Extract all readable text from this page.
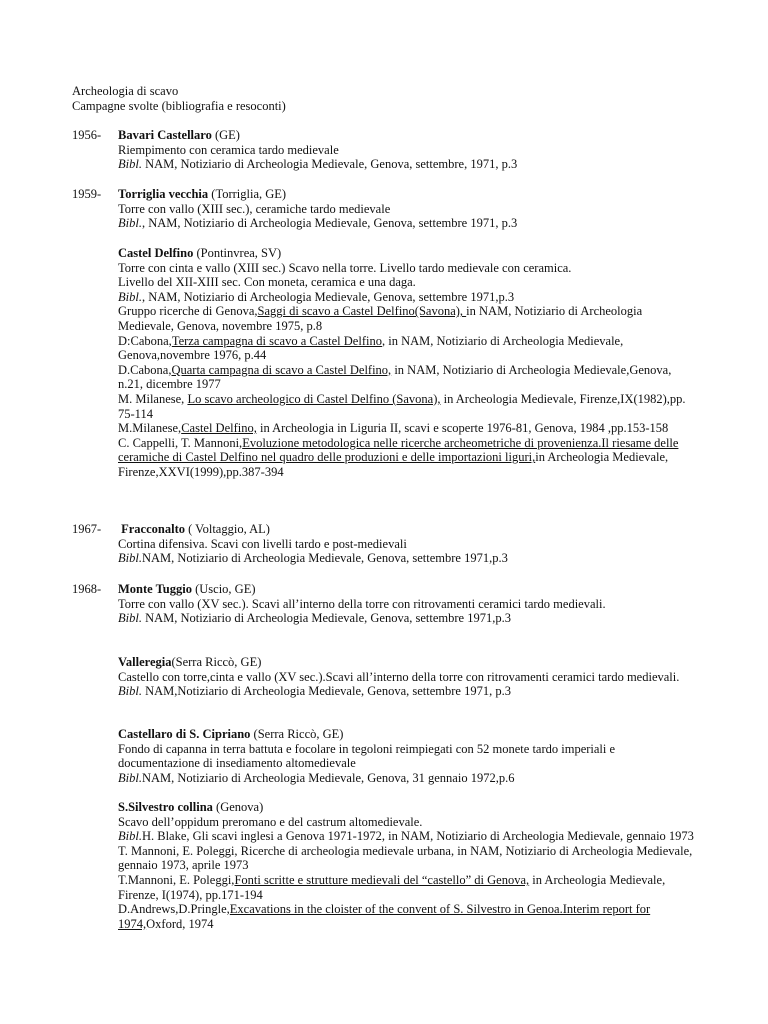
Archeologia di scavo

Campagne svolte (bibliografia e resoconti)

1956-	Bavari Castellaro (GE)

Riempimento con ceramica tardo medievale

Bibl. NAM, Notiziario di Archeologia Medievale, Genova, settembre, 1971, p.3

1959-	Torriglia vecchia (Torriglia, GE)

Torre con vallo (XIII sec.), ceramiche tardo medievale

Bibl., NAM, Notiziario di Archeologia Medievale, Genova, settembre 1971, p.3

Castel Delfino (Pontinvrea, SV)

Torre con cinta e vallo (XIII sec.) Scavo nella torre. Livello tardo medievale con ceramica.

Livello del XII-XIII sec. Con moneta, ceramica e una daga.

Bibl., NAM, Notiziario di Archeologia Medievale, Genova, settembre 1971,p.3

Gruppo ricerche di Genova,Saggi di scavo a Castel Delfino(Savona), in NAM, Notiziario di Archeologia Medievale, Genova, novembre 1975, p.8

D:Cabona,Terza campagna di scavo a Castel Delfino, in NAM, Notiziario di Archeologia Medievale, Genova,novembre 1976, p.44

D.Cabona,Quarta campagna di scavo a Castel Delfino, in NAM, Notiziario di Archeologia Medievale,Genova, n.21, dicembre 1977

M. Milanese, Lo scavo archeologico di Castel Delfino (Savona), in Archeologia Medievale, Firenze,IX(1982),pp. 75-114

M.Milanese,Castel Delfino, in Archeologia in Liguria II, scavi e scoperte 1976-81, Genova, 1984 ,pp.153-158

C. Cappelli, T. Mannoni,Evoluzione metodologica nelle ricerche archeometriche di provenienza.Il riesame delle ceramiche di Castel Delfino nel quadro delle produzioni e delle importazioni liguri,in Archeologia Medievale, Firenze,XXVI(1999),pp.387-394

1967-	Fracconalto ( Voltaggio, AL)

Cortina difensiva. Scavi con livelli tardo e post-medievali

Bibl.NAM, Notiziario di Archeologia Medievale, Genova, settembre 1971,p.3

1968-	Monte Tuggio (Uscio, GE)

Torre con vallo (XV sec.). Scavi all’interno della torre con ritrovamenti ceramici tardo medievali.

Bibl. NAM, Notiziario di Archeologia Medievale, Genova, settembre 1971,p.3

Valleregia(Serra Riccò, GE)

Castello con torre,cinta e vallo (XV sec.).Scavi all’interno della torre con ritrovamenti ceramici tardo medievali.

Bibl. NAM,Notiziario di Archeologia Medievale, Genova, settembre 1971, p.3

Castellaro di S. Cipriano (Serra Riccò, GE)

Fondo di capanna in terra battuta e focolare in tegoloni reimpiegati con 52 monete tardo imperiali e documentazione di insediamento altomedievale

Bibl.NAM, Notiziario di Archeologia Medievale, Genova, 31 gennaio 1972,p.6

S.Silvestro collina (Genova)

Scavo dell’oppidum preromano e del castrum altomedievale.

Bibl.H. Blake, Gli scavi inglesi a Genova 1971-1972, in NAM, Notiziario di Archeologia Medievale, gennaio 1973

T. Mannoni, E. Poleggi, Ricerche di archeologia medievale urbana, in NAM, Notiziario di Archeologia Medievale, gennaio 1973, aprile 1973

T.Mannoni, E. Poleggi,Fonti scritte e strutture medievali del “castello” di Genova, in Archeologia Medievale, Firenze, I(1974), pp.171-194

D.Andrews,D.Pringle,Excavations in the cloister of the convent of S. Silvestro in Genoa.Interim report for 1974,Oxford, 1974
